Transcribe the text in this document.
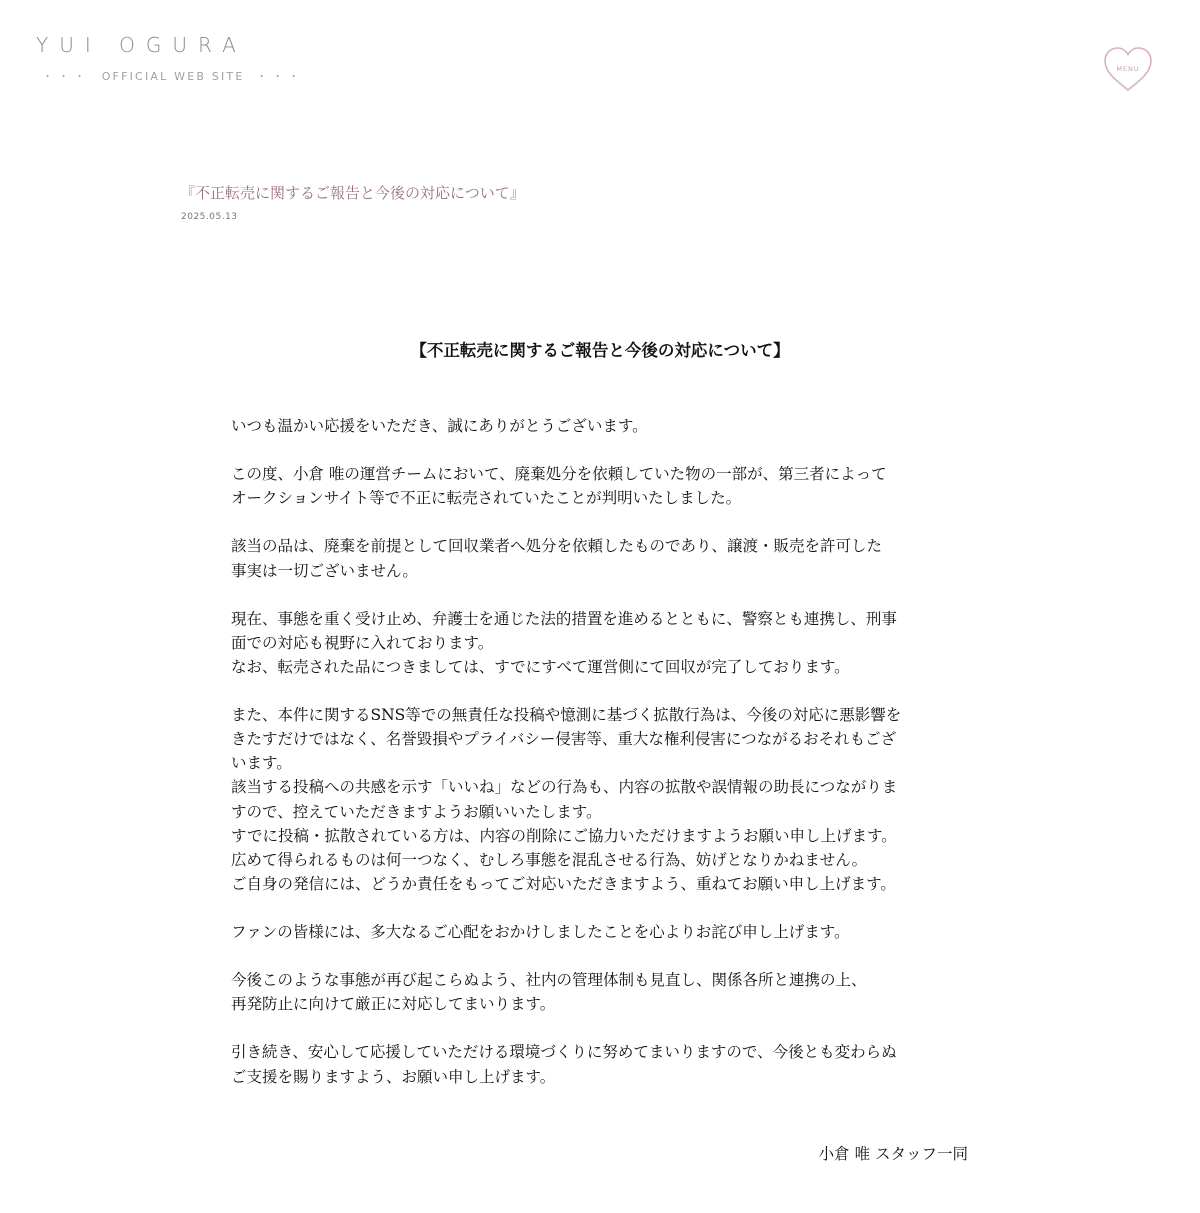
YUI OGURA
・・・ OFFICIAL WEB SITE ・・・
MENU
『不正転売に関するご報告と今後の対応について』
2025.05.13
【不正転売に関するご報告と今後の対応について】

いつも温かい応援をいただき、誠にありがとうございます。

この度、小倉 唯の運営チームにおいて、廃棄処分を依頼していた物の一部が、第三者によって
オークションサイト等で不正に転売されていたことが判明いたしました。

該当の品は、廃棄を前提として回収業者へ処分を依頼したものであり、譲渡・販売を許可した
事実は一切ございません。

現在、事態を重く受け止め、弁護士を通じた法的措置を進めるとともに、警察とも連携し、刑事
面での対応も視野に入れております。
なお、転売された品につきましては、すでにすべて運営側にて回収が完了しております。

また、本件に関するSNS等での無責任な投稿や憶測に基づく拡散行為は、今後の対応に悪影響を
きたすだけではなく、名誉毀損やプライバシー侵害等、重大な権利侵害につながるおそれもござ
います。
該当する投稿への共感を示す「いいね」などの行為も、内容の拡散や誤情報の助長につながりま
すので、控えていただきますようお願いいたします。
すでに投稿・拡散されている方は、内容の削除にご協力いただけますようお願い申し上げます。
広めて得られるものは何一つなく、むしろ事態を混乱させる行為、妨げとなりかねません。
ご自身の発信には、どうか責任をもってご対応いただきますよう、重ねてお願い申し上げます。

ファンの皆様には、多大なるご心配をおかけしましたことを心よりお詫び申し上げます。

今後このような事態が再び起こらぬよう、社内の管理体制も見直し、関係各所と連携の上、
再発防止に向けて厳正に対応してまいります。

引き続き、安心して応援していただける環境づくりに努めてまいりますので、今後とも変わらぬ
ご支援を賜りますよう、お願い申し上げます。

小倉 唯 スタッフ一同
